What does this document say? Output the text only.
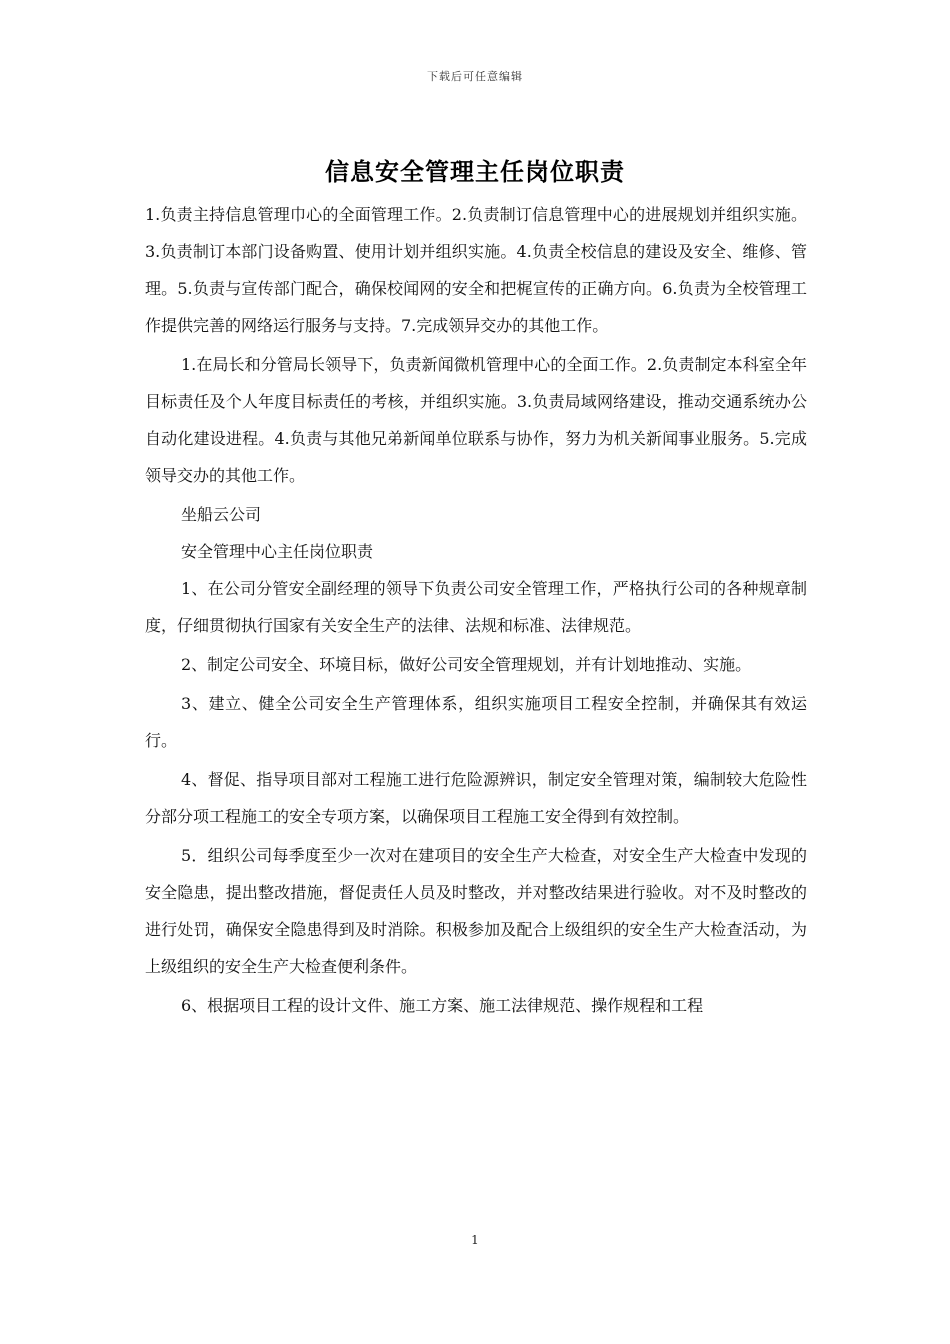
下载后可任意编辑
信息安全管理主任岗位职责

1.负责主持信息管理巾心的全面管理工作。2.负责制订信息管理中心的进展规划并组织实施。3.负责制订本部门设备购置、使用计划并组织实施。4.负责全校信息的建设及安全、维修、管理。5.负责与宣传部门配合，确保校闻网的安全和把梶宣传的正确方向。6.负责为全校管理工作提供完善的网络运行服务与支持。7.完成领异交办的其他工作。

1.在局长和分管局长领导下，负责新闻微机管理中心的全面工作。2.负责制定本科室全年目标责任及个人年度目标责任的考核，并组织实施。3.负责局域网络建设，推动交通系统办公自动化建设进程。4.负责与其他兄弟新闻单位联系与协作，努力为机关新闻事业服务。5.完成领导交办的其他工作。

坐船云公司

安全管理中心主任岗位职责

1、在公司分管安全副经理的领导下负责公司安全管理工作，严格执行公司的各种规章制度，仔细贯彻执行国家有关安全生产的法律、法规和标准、法律规范。

2、制定公司安全、环境目标，做好公司安全管理规划，并有计划地推动、实施。

3、建立、健全公司安全生产管理体系，组织实施项目工程安全控制，并确保其有效运行。

4、督促、指导项目部对工程施工进行危险源辨识，制定安全管理对策，编制较大危险性分部分项工程施工的安全专项方案，以确保项目工程施工安全得到有效控制。

5．组织公司每季度至少一次对在建项目的安全生产大检查，对安全生产大检查中发现的安全隐患，提出整改措施，督促责任人员及时整改，并对整改结果进行验收。对不及时整改的进行处罚，确保安全隐患得到及时消除。积极参加及配合上级组织的安全生产大检查活动，为上级组织的安全生产大检查便利条件。

6、根据项目工程的设计文件、施工方案、施工法律规范、操作规程和工程

1
